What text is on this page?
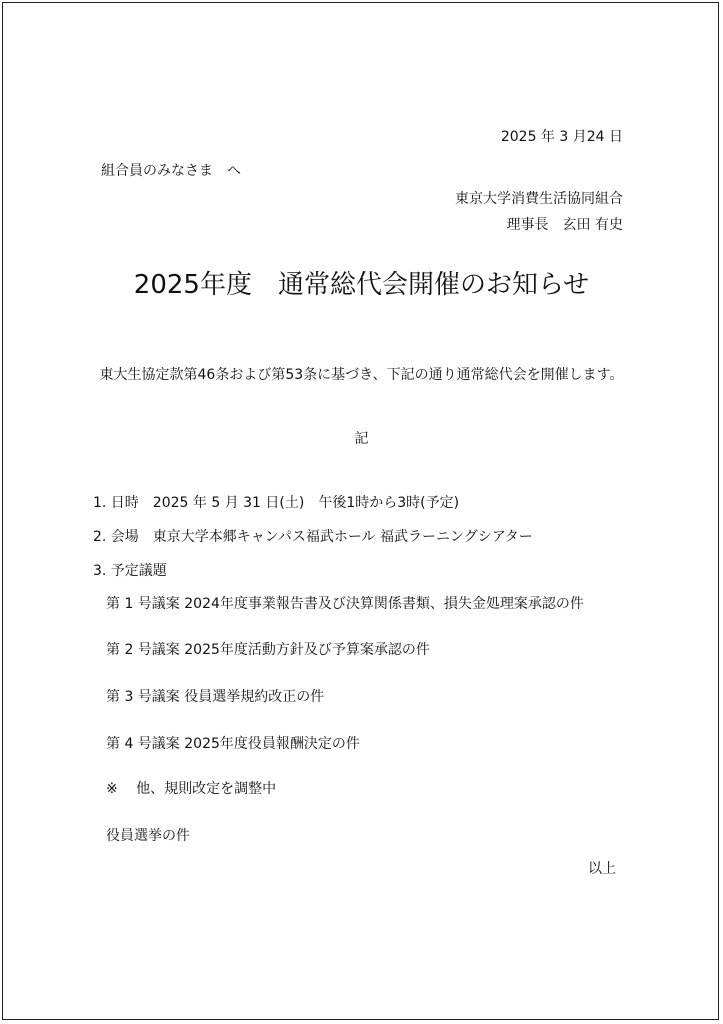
2025 年 3 月24 日
組合員のみなさま　へ
東京大学消費生活協同組合
理事長　玄田 有史
2025年度　通常総代会開催のお知らせ
東大生協定款第46条および第53条に基づき、下記の通り通常総代会を開催します。
記
1. 日時　2025 年 5 月 31 日(土)　午後1時から3時(予定)
2. 会場　東京大学本郷キャンパス福武ホール 福武ラーニングシアター
3. 予定議題
第 1 号議案 2024年度事業報告書及び決算関係書類、損失金処理案承認の件
第 2 号議案 2025年度活動方針及び予算案承認の件
第 3 号議案 役員選挙規約改正の件
第 4 号議案 2025年度役員報酬決定の件
※　 他、規則改定を調整中
役員選挙の件
以上
